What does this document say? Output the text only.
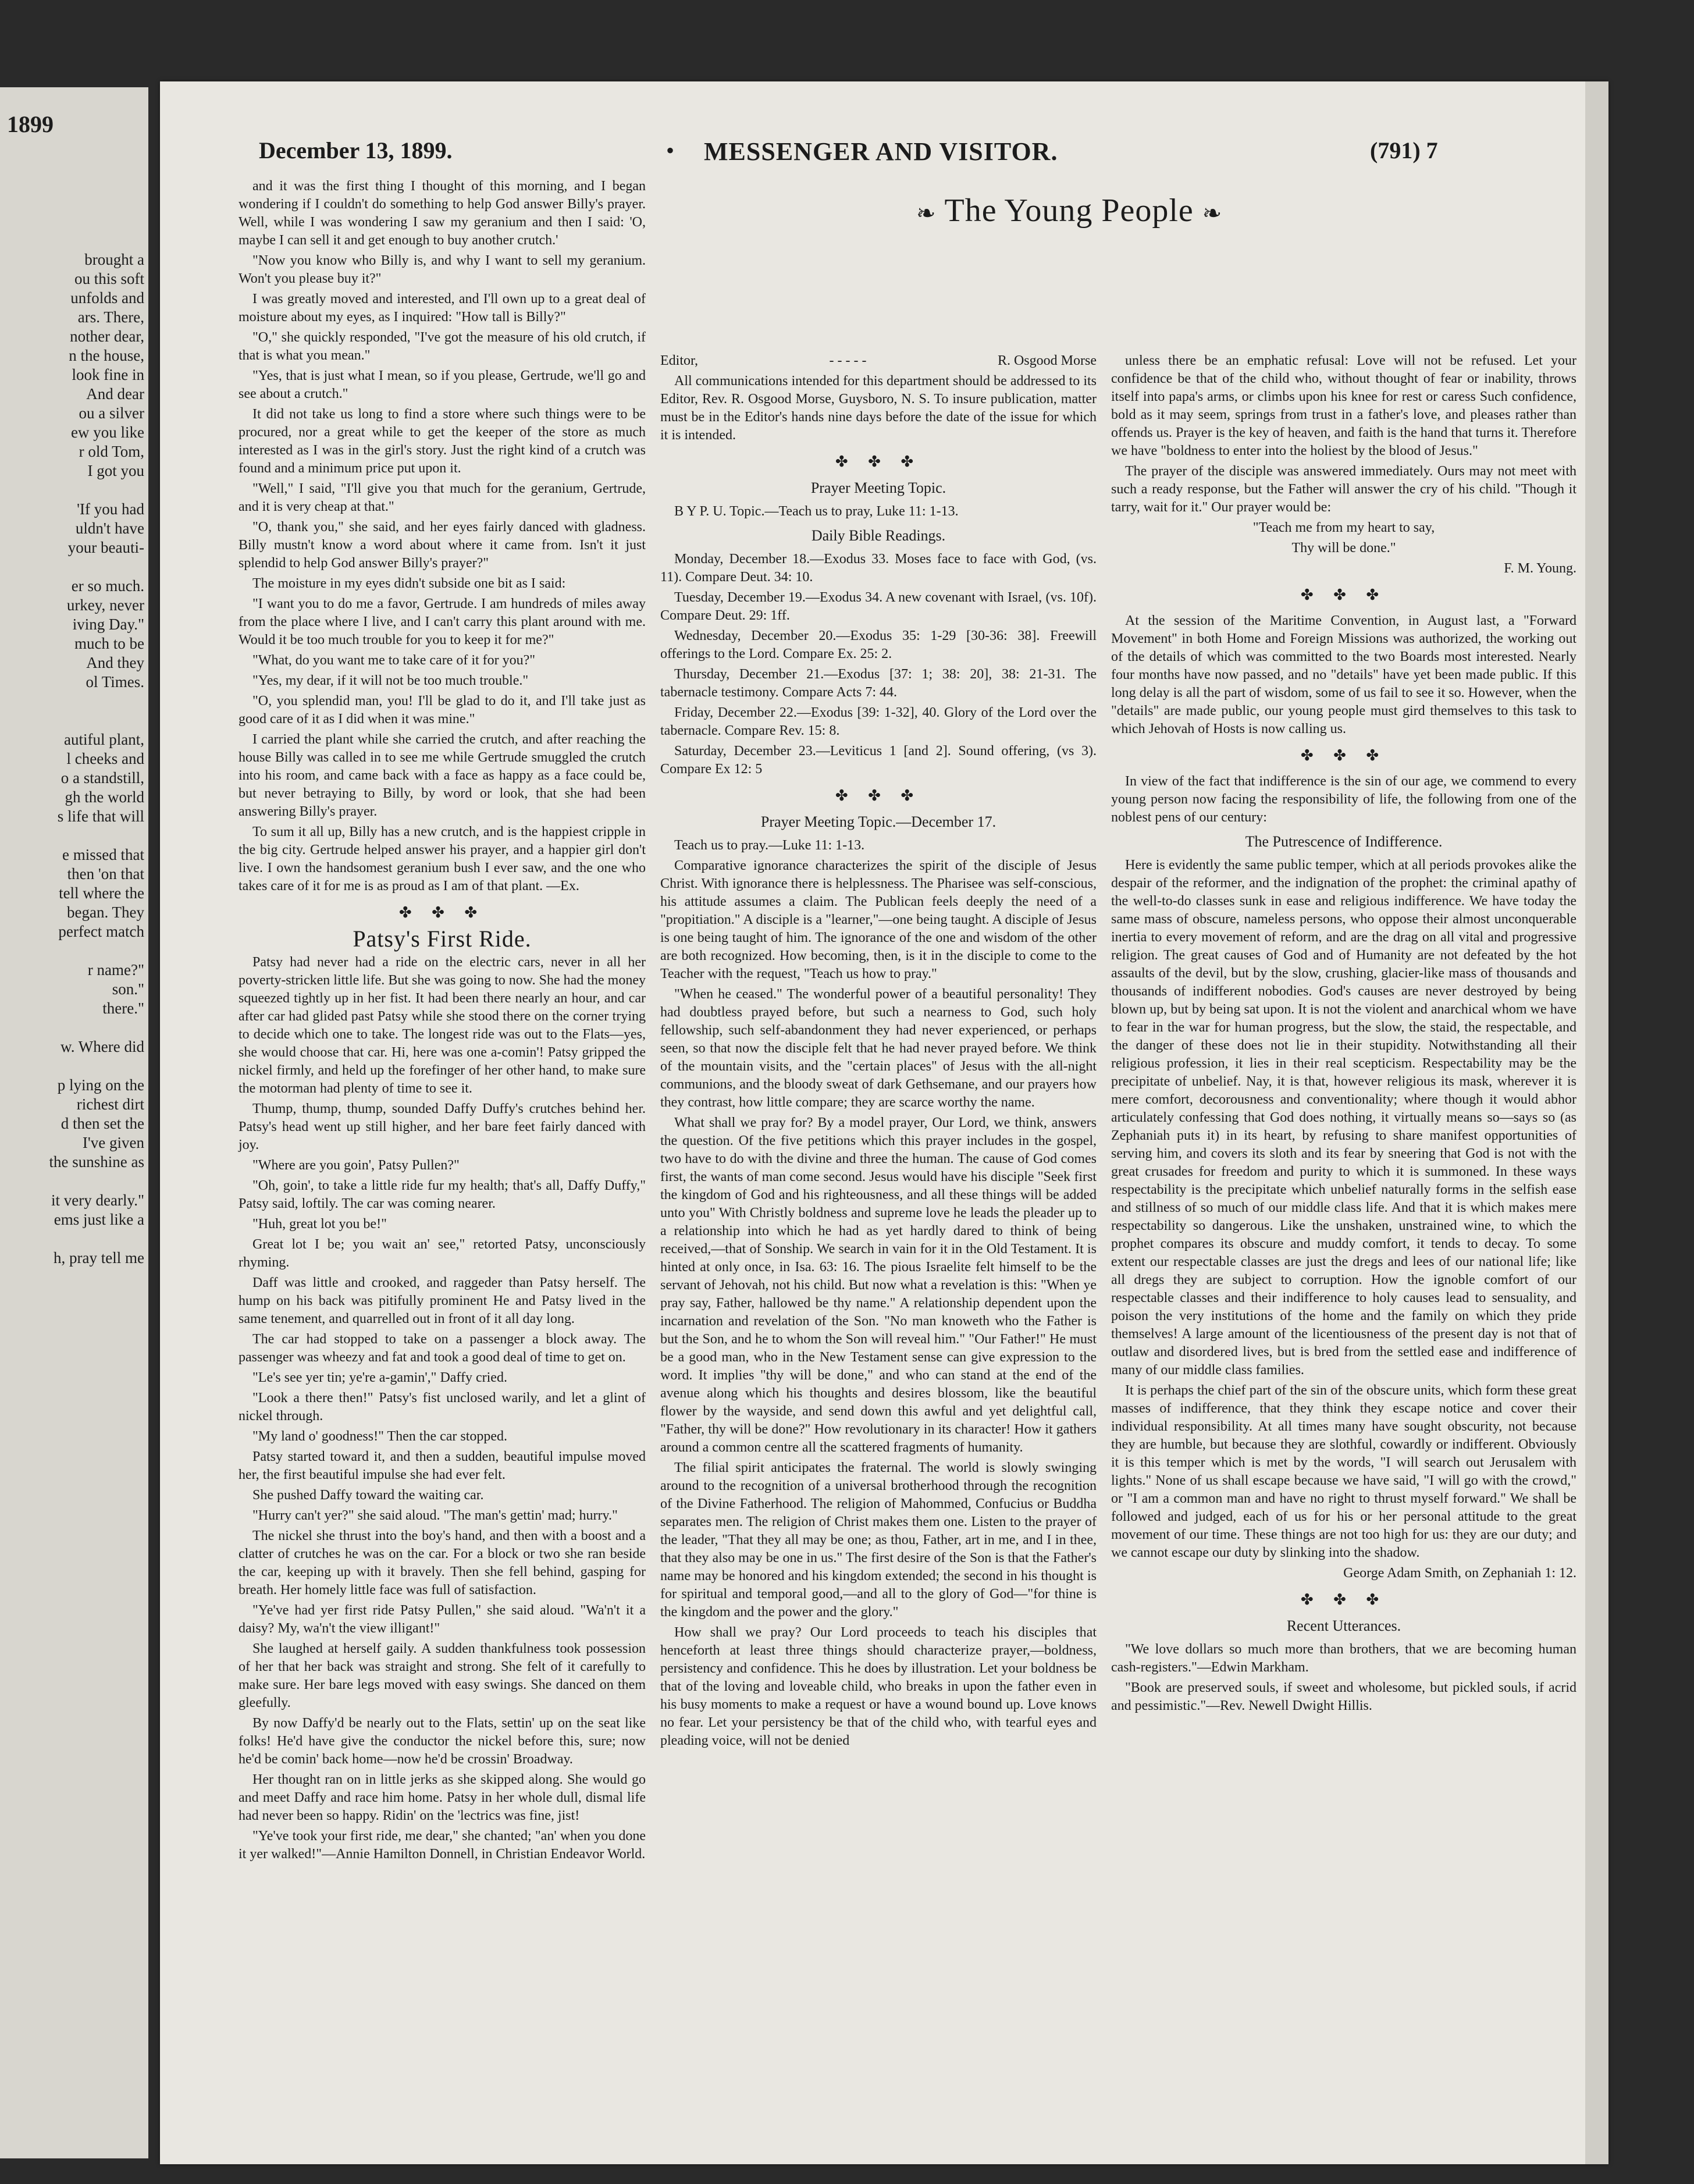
1899
brought a
ou this soft
unfolds and
ars. There,
nother dear,
n the house,
look fine in
And dear
ou a silver
ew you like
r old Tom,
I got you
'If you had
uldn't have
your beauti-
er so much.
urkey, never
iving Day."
much to be
And they
ol Times.
autiful plant,
l cheeks and
o a standstill,
gh the world
s life that will
e missed that
then 'on that
tell where the
began. They
perfect match
r name?"
son."
there."
w. Where did
p lying on the
richest dirt
d then set the
I've given
the sunshine as
it very dearly."
ems just like a
h, pray tell me
December 13, 1899.	• MESSENGER AND VISITOR.	(791) 7
❧ The Young People ❧

and it was the first thing I thought of this morning, and I began wondering if I couldn't do something to help God answer Billy's prayer. Well, while I was wondering I saw my geranium and then I said: 'O, maybe I can sell it and get enough to buy another crutch.'

"Now you know who Billy is, and why I want to sell my geranium. Won't you please buy it?"

I was greatly moved and interested, and I'll own up to a great deal of moisture about my eyes, as I inquired: "How tall is Billy?"

"O," she quickly responded, "I've got the measure of his old crutch, if that is what you mean."

"Yes, that is just what I mean, so if you please, Gertrude, we'll go and see about a crutch."

It did not take us long to find a store where such things were to be procured, nor a great while to get the keeper of the store as much interested as I was in the girl's story. Just the right kind of a crutch was found and a minimum price put upon it.

"Well," I said, "I'll give you that much for the geranium, Gertrude, and it is very cheap at that."

"O, thank you," she said, and her eyes fairly danced with gladness. Billy mustn't know a word about where it came from. Isn't it just splendid to help God answer Billy's prayer?"

The moisture in my eyes didn't subside one bit as I said:

"I want you to do me a favor, Gertrude. I am hundreds of miles away from the place where I live, and I can't carry this plant around with me. Would it be too much trouble for you to keep it for me?"

"What, do you want me to take care of it for you?"

"Yes, my dear, if it will not be too much trouble."

"O, you splendid man, you! I'll be glad to do it, and I'll take just as good care of it as I did when it was mine."

I carried the plant while she carried the crutch, and after reaching the house Billy was called in to see me while Gertrude smuggled the crutch into his room, and came back with a face as happy as a face could be, but never betraying to Billy, by word or look, that she had been answering Billy's prayer.

To sum it all up, Billy has a new crutch, and is the happiest cripple in the big city. Gertrude helped answer his prayer, and a happier girl don't live. I own the handsomest geranium bush I ever saw, and the one who takes care of it for me is as proud as I am of that plant. —Ex.

✤ ✤ ✤
Patsy's First Ride.

Patsy had never had a ride on the electric cars, never in all her poverty-stricken little life. But she was going to now. She had the money squeezed tightly up in her fist. It had been there nearly an hour, and car after car had glided past Patsy while she stood there on the corner trying to decide which one to take. The longest ride was out to the Flats—yes, she would choose that car. Hi, here was one a-comin'! Patsy gripped the nickel firmly, and held up the forefinger of her other hand, to make sure the motorman had plenty of time to see it.

Thump, thump, thump, sounded Daffy Duffy's crutches behind her. Patsy's head went up still higher, and her bare feet fairly danced with joy.

"Where are you goin', Patsy Pullen?"

"Oh, goin', to take a little ride fur my health; that's all, Daffy Duffy," Patsy said, loftily. The car was coming nearer.

"Huh, great lot you be!"

Great lot I be; you wait an' see," retorted Patsy, unconsciously rhyming.

Daff was little and crooked, and raggeder than Patsy herself. The hump on his back was pitifully prominent He and Patsy lived in the same tenement, and quarrelled out in front of it all day long.

The car had stopped to take on a passenger a block away. The passenger was wheezy and fat and took a good deal of time to get on.

"Le's see yer tin; ye're a-gamin'," Daffy cried.

"Look a there then!" Patsy's fist unclosed warily, and let a glint of nickel through.

"My land o' goodness!" Then the car stopped.

Patsy started toward it, and then a sudden, beautiful impulse moved her, the first beautiful impulse she had ever felt.

She pushed Daffy toward the waiting car.

"Hurry can't yer?" she said aloud. "The man's gettin' mad; hurry."

The nickel she thrust into the boy's hand, and then with a boost and a clatter of crutches he was on the car. For a block or two she ran beside the car, keeping up with it bravely. Then she fell behind, gasping for breath. Her homely little face was full of satisfaction.

"Ye've had yer first ride Patsy Pullen," she said aloud. "Wa'n't it a daisy? My, wa'n't the view illigant!"

She laughed at herself gaily. A sudden thankfulness took possession of her that her back was straight and strong. She felt of it carefully to make sure. Her bare legs moved with easy swings. She danced on them gleefully.

By now Daffy'd be nearly out to the Flats, settin' up on the seat like folks! He'd have give the conductor the nickel before this, sure; now he'd be comin' back home—now he'd be crossin' Broadway.

Her thought ran on in little jerks as she skipped along. She would go and meet Daffy and race him home. Patsy in her whole dull, dismal life had never been so happy. Ridin' on the 'lectrics was fine, jist!

"Ye've took your first ride, me dear," she chanted; "an' when you done it yer walked!"—Annie Hamilton Donnell, in Christian Endeavor World.

Editor,	- - - - -	R. Osgood Morse

All communications intended for this department should be addressed to its Editor, Rev. R. Osgood Morse, Guysboro, N. S. To insure publication, matter must be in the Editor's hands nine days before the date of the issue for which it is intended.

✤ ✤ ✤
Prayer Meeting Topic.

B Y P. U. Topic.—Teach us to pray, Luke 11: 1-13.

Daily Bible Readings.

Monday, December 18.—Exodus 33. Moses face to face with God, (vs. 11). Compare Deut. 34: 10.

Tuesday, December 19.—Exodus 34. A new covenant with Israel, (vs. 10f). Compare Deut. 29: 1ff.

Wednesday, December 20.—Exodus 35: 1-29 [30-36: 38]. Freewill offerings to the Lord. Compare Ex. 25: 2.

Thursday, December 21.—Exodus [37: 1; 38: 20], 38: 21-31. The tabernacle testimony. Compare Acts 7: 44.

Friday, December 22.—Exodus [39: 1-32], 40. Glory of the Lord over the tabernacle. Compare Rev. 15: 8.

Saturday, December 23.—Leviticus 1 [and 2]. Sound offering, (vs 3). Compare Ex 12: 5

✤ ✤ ✤
Prayer Meeting Topic.—December 17.

Teach us to pray.—Luke 11: 1-13.

Comparative ignorance characterizes the spirit of the disciple of Jesus Christ. With ignorance there is helplessness. The Pharisee was self-conscious, his attitude assumes a claim. The Publican feels deeply the need of a "propitiation." A disciple is a "learner,"—one being taught. A disciple of Jesus is one being taught of him. The ignorance of the one and wisdom of the other are both recognized. How becoming, then, is it in the disciple to come to the Teacher with the request, "Teach us how to pray."

"When he ceased." The wonderful power of a beautiful personality! They had doubtless prayed before, but such a nearness to God, such holy fellowship, such self-abandonment they had never experienced, or perhaps seen, so that now the disciple felt that he had never prayed before. We think of the mountain visits, and the "certain places" of Jesus with the all-night communions, and the bloody sweat of dark Gethsemane, and our prayers how they contrast, how little compare; they are scarce worthy the name.

What shall we pray for? By a model prayer, Our Lord, we think, answers the question. Of the five petitions which this prayer includes in the gospel, two have to do with the divine and three the human. The cause of God comes first, the wants of man come second. Jesus would have his disciple "Seek first the kingdom of God and his righteousness, and all these things will be added unto you" With Christly boldness and supreme love he leads the pleader up to a relationship into which he had as yet hardly dared to think of being received,—that of Sonship. We search in vain for it in the Old Testament. It is hinted at only once, in Isa. 63: 16. The pious Israelite felt himself to be the servant of Jehovah, not his child. But now what a revelation is this: "When ye pray say, Father, hallowed be thy name." A relationship dependent upon the incarnation and revelation of the Son. "No man knoweth who the Father is but the Son, and he to whom the Son will reveal him." "Our Father!" He must be a good man, who in the New Testament sense can give expression to the word. It implies "thy will be done," and who can stand at the end of the avenue along which his thoughts and desires blossom, like the beautiful flower by the wayside, and send down this awful and yet delightful call, "Father, thy will be done?" How revolutionary in its character! How it gathers around a common centre all the scattered fragments of humanity.

The filial spirit anticipates the fraternal. The world is slowly swinging around to the recognition of a universal brotherhood through the recognition of the Divine Fatherhood. The religion of Mahommed, Confucius or Buddha separates men. The religion of Christ makes them one. Listen to the prayer of the leader, "That they all may be one; as thou, Father, art in me, and I in thee, that they also may be one in us." The first desire of the Son is that the Father's name may be honored and his kingdom extended; the second in his thought is for spiritual and temporal good,—and all to the glory of God—"for thine is the kingdom and the power and the glory."

How shall we pray? Our Lord proceeds to teach his disciples that henceforth at least three things should characterize prayer,—boldness, persistency and confidence. This he does by illustration. Let your boldness be that of the loving and loveable child, who breaks in upon the father even in his busy moments to make a request or have a wound bound up. Love knows no fear. Let your persistency be that of the child who, with tearful eyes and pleading voice, will not be denied

unless there be an emphatic refusal: Love will not be refused. Let your confidence be that of the child who, without thought of fear or inability, throws itself into papa's arms, or climbs upon his knee for rest or caress Such confidence, bold as it may seem, springs from trust in a father's love, and pleases rather than offends us. Prayer is the key of heaven, and faith is the hand that turns it. Therefore we have "boldness to enter into the holiest by the blood of Jesus."

The prayer of the disciple was answered immediately. Ours may not meet with such a ready response, but the Father will answer the cry of his child. "Though it tarry, wait for it." Our prayer would be:

"Teach me from my heart to say,
Thy will be done."
F. M. Young.
✤ ✤ ✤

At the session of the Maritime Convention, in August last, a "Forward Movement" in both Home and Foreign Missions was authorized, the working out of the details of which was committed to the two Boards most interested. Nearly four months have now passed, and no "details" have yet been made public. If this long delay is all the part of wisdom, some of us fail to see it so. However, when the "details" are made public, our young people must gird themselves to this task to which Jehovah of Hosts is now calling us.

✤ ✤ ✤

In view of the fact that indifference is the sin of our age, we commend to every young person now facing the responsibility of life, the following from one of the noblest pens of our century:

The Putrescence of Indifference.

Here is evidently the same public temper, which at all periods provokes alike the despair of the reformer, and the indignation of the prophet: the criminal apathy of the well-to-do classes sunk in ease and religious indifference. We have today the same mass of obscure, nameless persons, who oppose their almost unconquerable inertia to every movement of reform, and are the drag on all vital and progressive religion. The great causes of God and of Humanity are not defeated by the hot assaults of the devil, but by the slow, crushing, glacier-like mass of thousands and thousands of indifferent nobodies. God's causes are never destroyed by being blown up, but by being sat upon. It is not the violent and anarchical whom we have to fear in the war for human progress, but the slow, the staid, the respectable, and the danger of these does not lie in their stupidity. Notwithstanding all their religious profession, it lies in their real scepticism. Respectability may be the precipitate of unbelief. Nay, it is that, however religious its mask, wherever it is mere comfort, decorousness and conventionality; where though it would abhor articulately confessing that God does nothing, it virtually means so—says so (as Zephaniah puts it) in its heart, by refusing to share manifest opportunities of serving him, and covers its sloth and its fear by sneering that God is not with the great crusades for freedom and purity to which it is summoned. In these ways respectability is the precipitate which unbelief naturally forms in the selfish ease and stillness of so much of our middle class life. And that it is which makes mere respectability so dangerous. Like the unshaken, unstrained wine, to which the prophet compares its obscure and muddy comfort, it tends to decay. To some extent our respectable classes are just the dregs and lees of our national life; like all dregs they are subject to corruption. How the ignoble comfort of our respectable classes and their indifference to holy causes lead to sensuality, and poison the very institutions of the home and the family on which they pride themselves! A large amount of the licentiousness of the present day is not that of outlaw and disordered lives, but is bred from the settled ease and indifference of many of our middle class families.

It is perhaps the chief part of the sin of the obscure units, which form these great masses of indifference, that they think they escape notice and cover their individual responsibility. At all times many have sought obscurity, not because they are humble, but because they are slothful, cowardly or indifferent. Obviously it is this temper which is met by the words, "I will search out Jerusalem with lights." None of us shall escape because we have said, "I will go with the crowd," or "I am a common man and have no right to thrust myself forward." We shall be followed and judged, each of us for his or her personal attitude to the great movement of our time. These things are not too high for us: they are our duty; and we cannot escape our duty by slinking into the shadow.

George Adam Smith, on Zephaniah 1: 12.
✤ ✤ ✤
Recent Utterances.

"We love dollars so much more than brothers, that we are becoming human cash-registers."—Edwin Markham.

"Book are preserved souls, if sweet and wholesome, but pickled souls, if acrid and pessimistic."—Rev. Newell Dwight Hillis.
